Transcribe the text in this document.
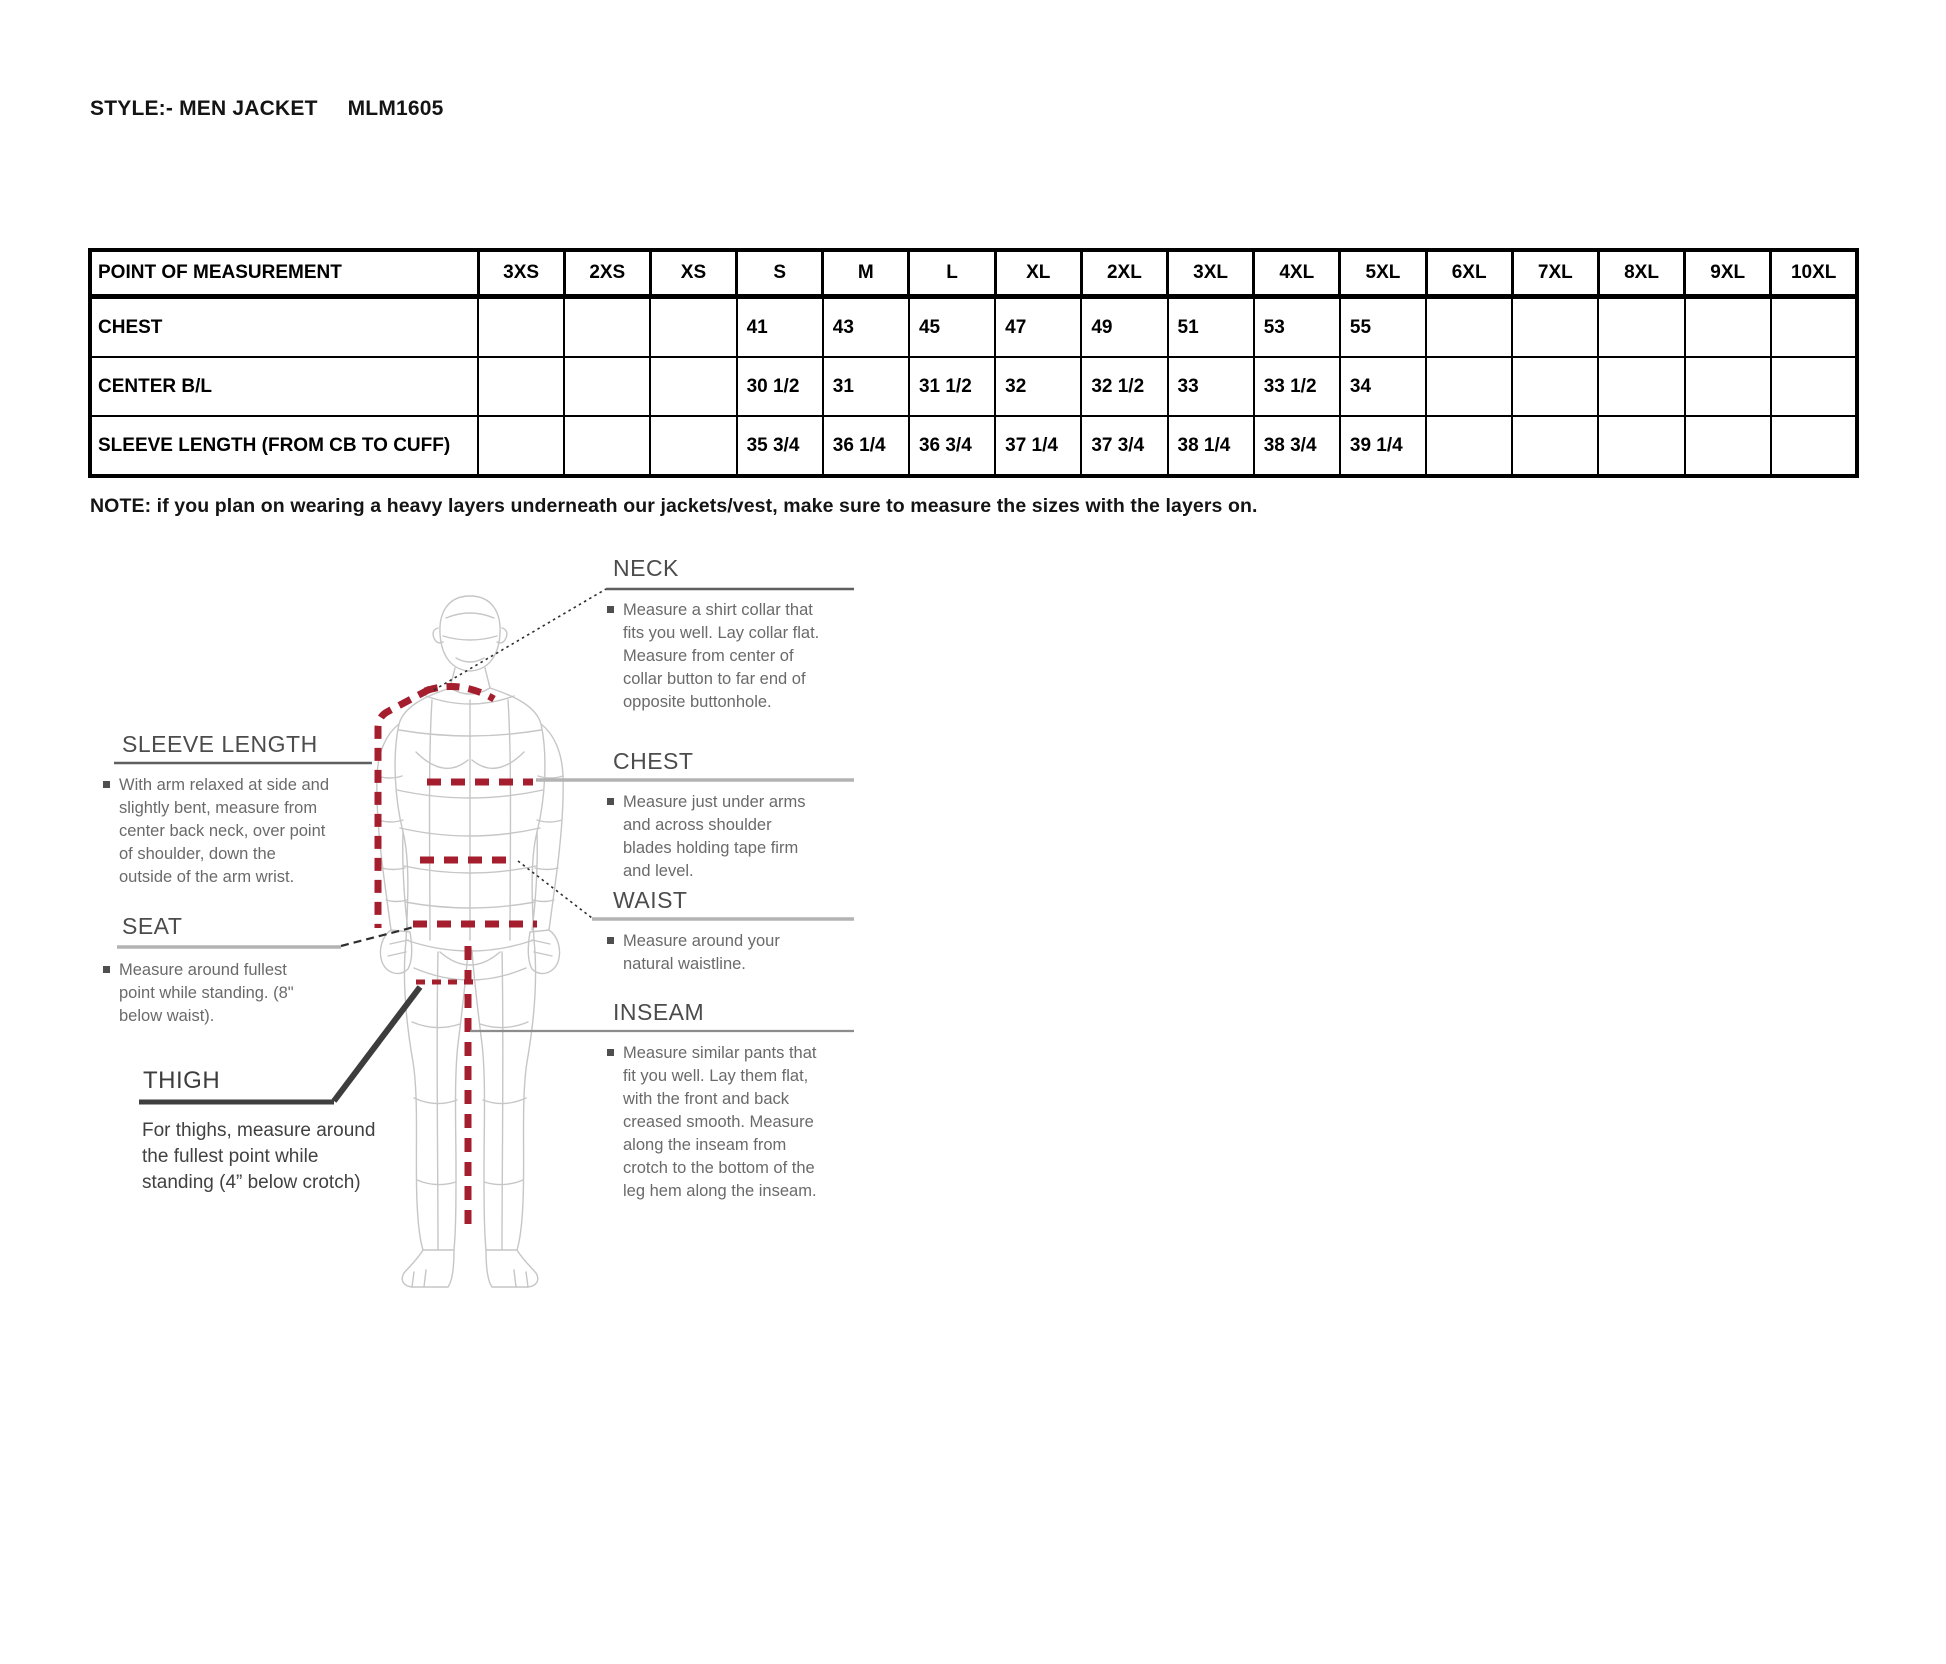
STYLE:- MEN JACKET MLM1605
POINT OF MEASUREMENT	3XS	2XS	XS	S	M	L	XL	2XL	3XL	4XL	5XL	6XL	7XL	8XL	9XL	10XL
CHEST				41	43	45	47	49	51	53	55					
CENTER B/L				30 1/2	31	31 1/2	32	32 1/2	33	33 1/2	34					
SLEEVE LENGTH (FROM CB TO CUFF)				35 3/4	36 1/4	36 3/4	37 1/4	37 3/4	38 1/4	38 3/4	39 1/4					
NOTE: if you plan on wearing a heavy layers underneath our jackets/vest, make sure to measure the sizes with the layers on.
SLEEVE LENGTH
With arm relaxed at side and slightly bent, measure from center back neck, over point of shoulder, down the outside of the arm wrist.
SEAT
Measure around fullest point while standing. (8" below waist).
THIGH
For thighs, measure around the fullest point while standing (4” below crotch)
NECK
Measure a shirt collar that fits you well. Lay collar flat. Measure from center of collar button to far end of opposite buttonhole.
CHEST
Measure just under arms and across shoulder blades holding tape firm and level.
WAIST
Measure around your natural waistline.
INSEAM
Measure similar pants that fit you well. Lay them flat, with the front and back creased smooth. Measure along the inseam from crotch to the bottom of the leg hem along the inseam.
